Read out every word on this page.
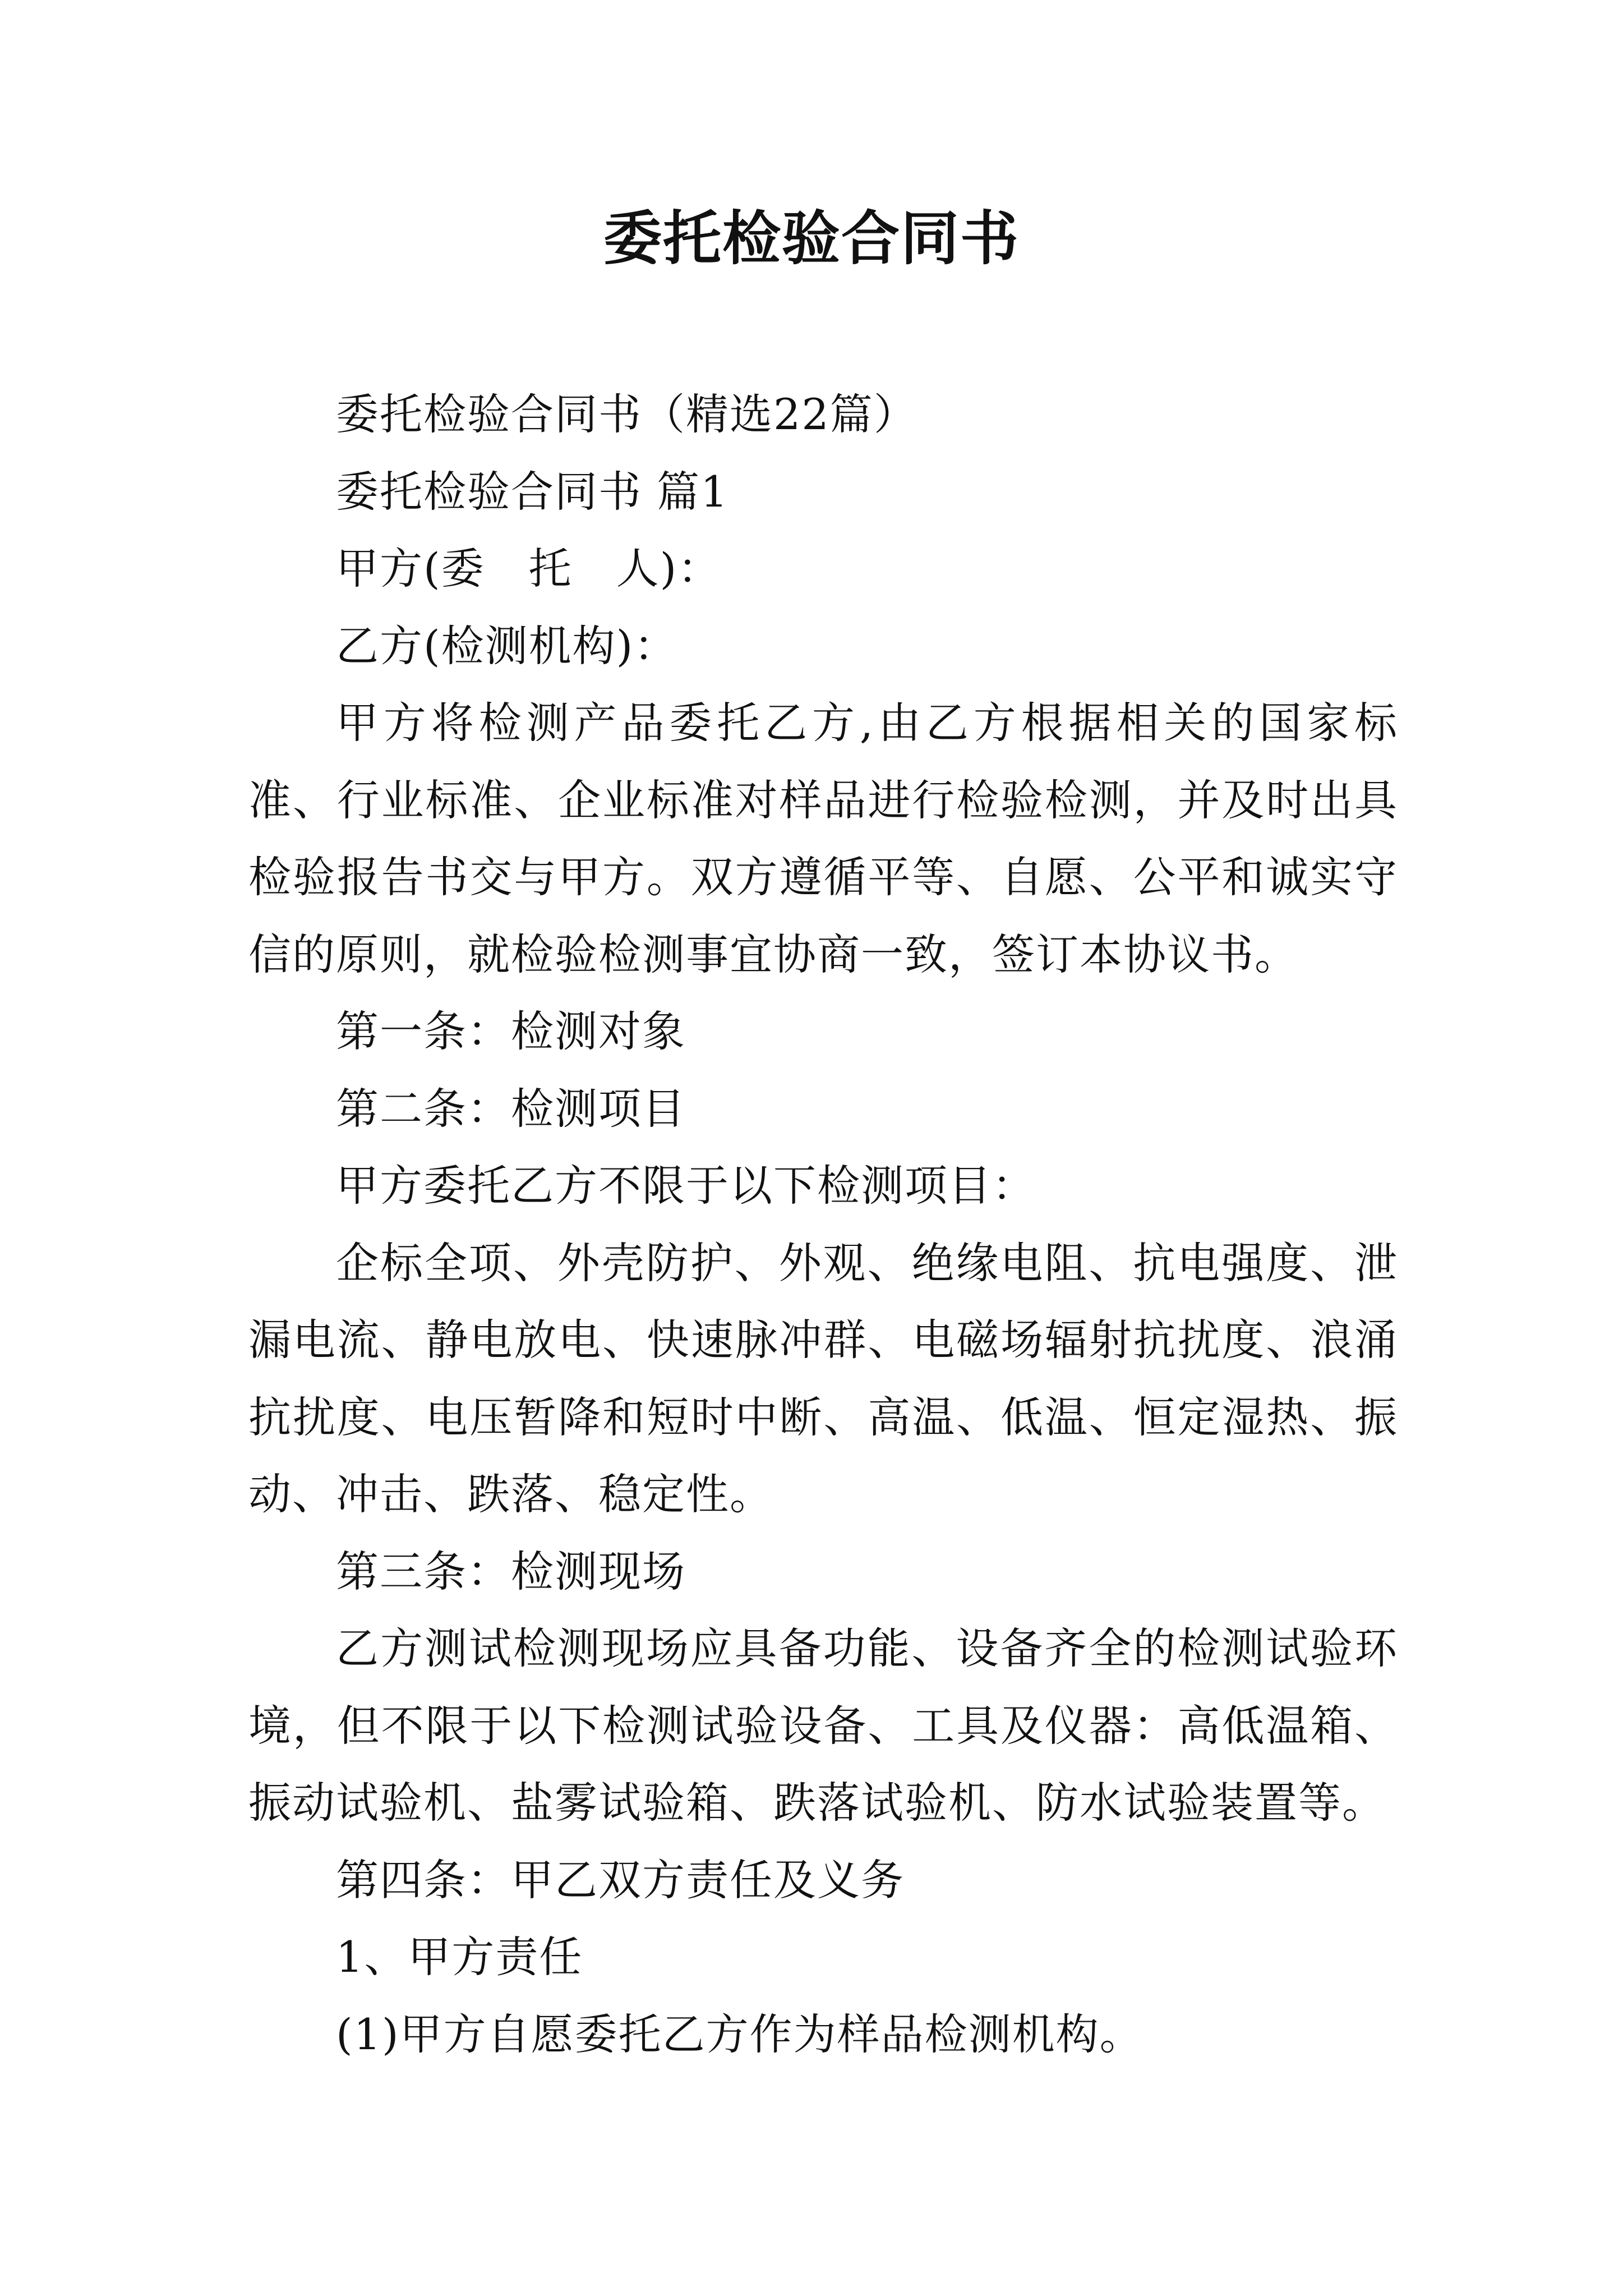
委托检验合同书

委托检验合同书（精选22篇）

委托检验合同书 篇1

甲方(委　托　人)：

乙方(检测机构)：

甲方将检测产品委托乙方,由乙方根据相关的国家标准、行业标准、企业标准对样品进行检验检测，并及时出具检验报告书交与甲方。双方遵循平等、自愿、公平和诚实守信的原则，就检验检测事宜协商一致，签订本协议书。

第一条：检测对象

第二条：检测项目

甲方委托乙方不限于以下检测项目：

企标全项、外壳防护、外观、绝缘电阻、抗电强度、泄漏电流、静电放电、快速脉冲群、电磁场辐射抗扰度、浪涌抗扰度、电压暂降和短时中断、高温、低温、恒定湿热、振动、冲击、跌落、稳定性。

第三条：检测现场

乙方测试检测现场应具备功能、设备齐全的检测试验环境，但不限于以下检测试验设备、工具及仪器：高低温箱、振动试验机、盐雾试验箱、跌落试验机、防水试验装置等。

第四条：甲乙双方责任及义务

1、甲方责任

(1)甲方自愿委托乙方作为样品检测机构。
